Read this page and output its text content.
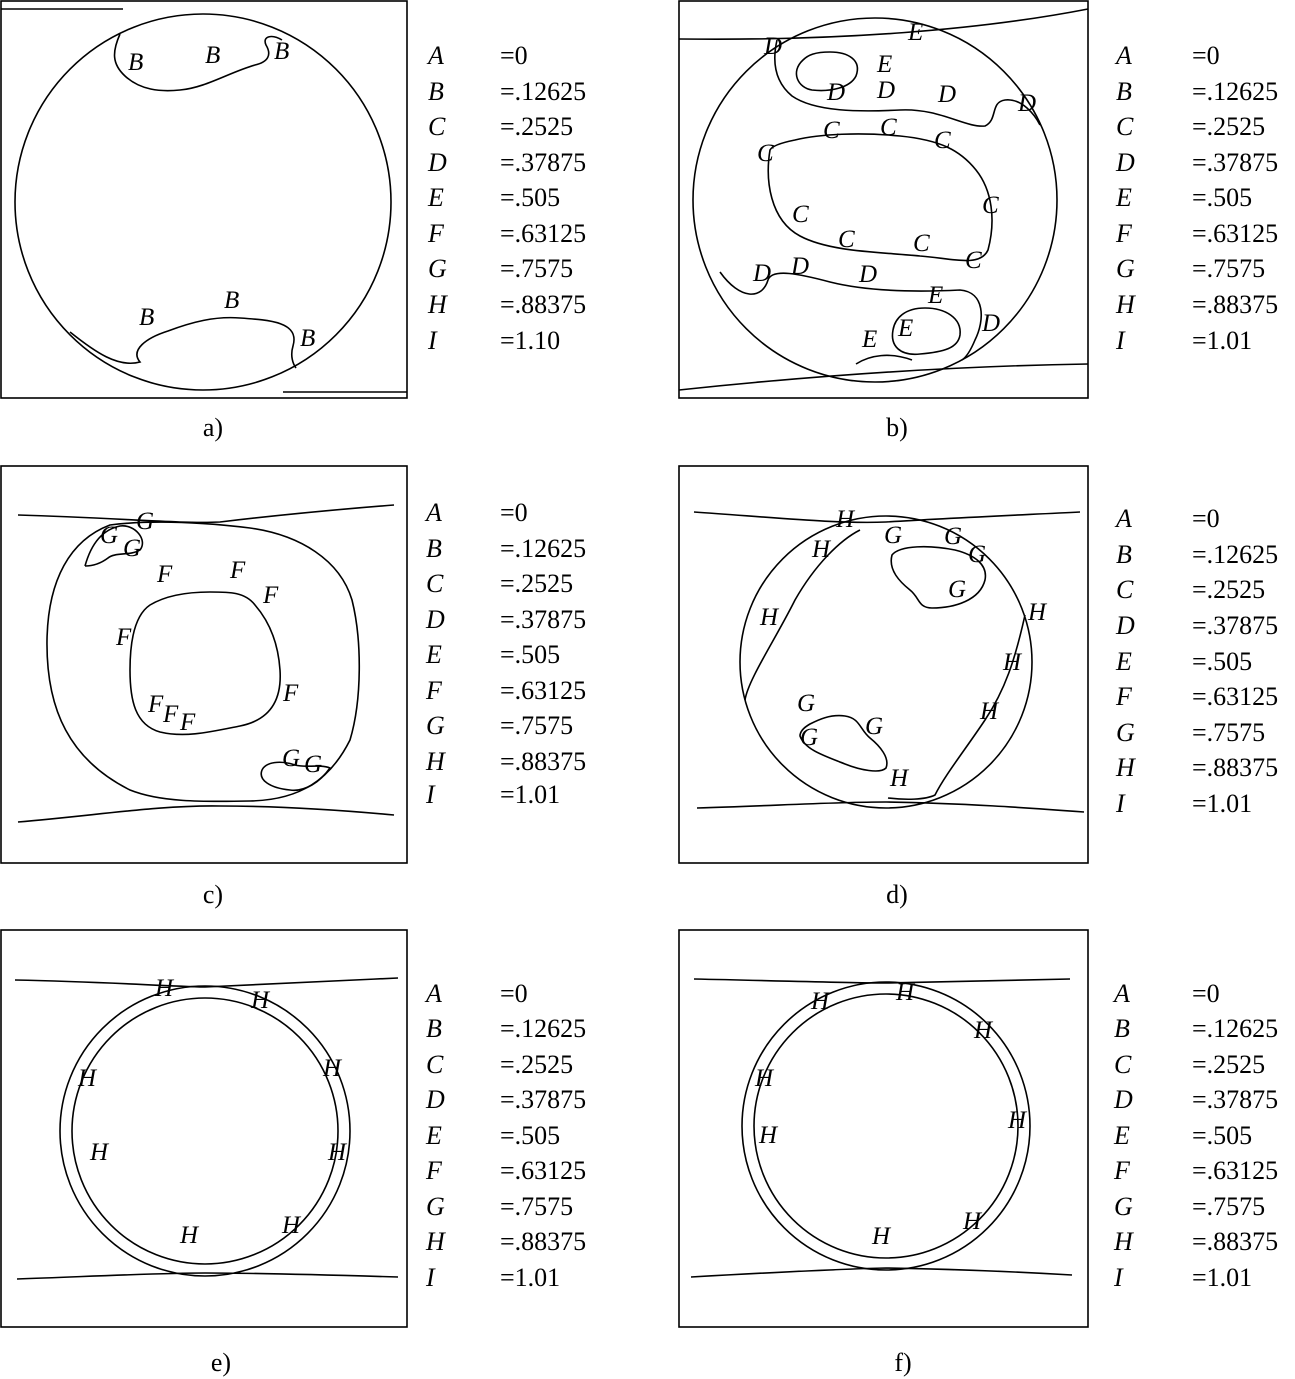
B B B
B
B
B
A =0
B =.12625
C =.2525
D =.37875
E =.505
F =.63125
G =.7575
H =.88375
I =1.10
a)
E
D
E
D D D D
C C C
C
C
C
C C
C
D D D
E
E
E
D
A =0
B =.12625
C =.2525
D =.37875
E =.505
F =.63125
G =.7575
H =.88375
I	=1.01
b)
G
G
G
F F
F
F
F
F F F
G G
A =0
B =.12625
C =.2525
D =.37875
E =.505
F =.63125
G =.7575
H =.88375
I	=1.01
c)
H
H
G G
G
G
H	H
H
H
G
G G
H
A =0
B =.12625
C =.2525
D =.37875
E =.505
F =.63125
G =.7575
H =.88375
I	=1.01
d)
H	H
H	H
H	H
H	H
A =0
B =.12625
C =.2525
D =.37875
E =.505
F =.63125
G =.7575
H =.88375
I	=1.01
e)
H	H
H
H
H
H
H
H
A =0
B =.12625
C =.2525
D =.37875
E =.505
F =.63125
G =.7575
H =.88375
I	=1.01
f)
